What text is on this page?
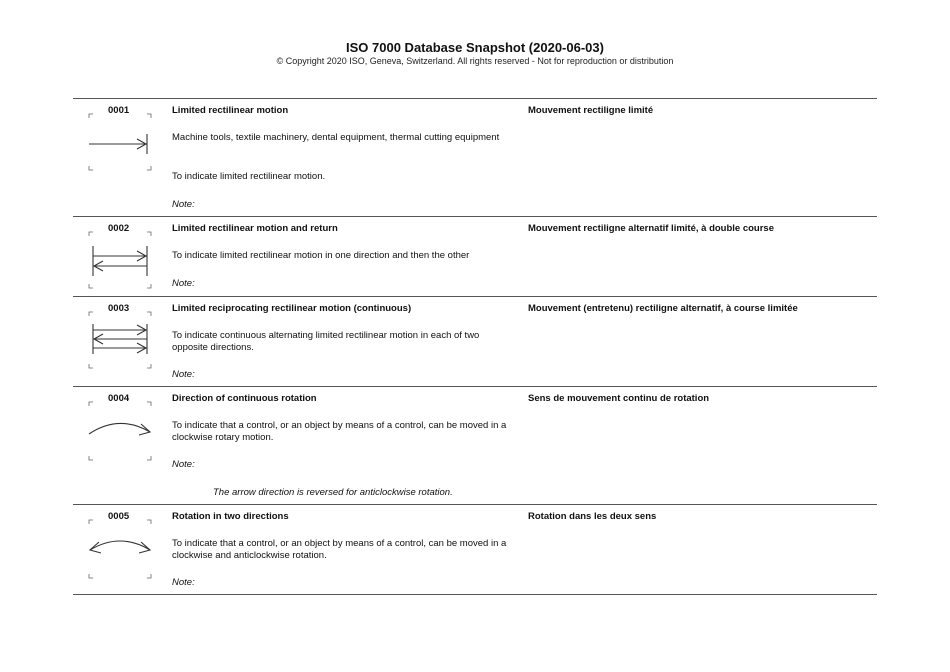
ISO 7000 Database Snapshot (2020-06-03)
© Copyright 2020 ISO, Geneva, Switzerland. All rights reserved - Not for reproduction or distribution
0001	Limited rectilinear motion	Mouvement rectiligne limité
Machine tools, textile machinery, dental equipment, thermal cutting equipment
To indicate limited rectilinear motion.
Note:
0002	Limited rectilinear motion and return	Mouvement rectiligne alternatif limité, à double course
To indicate limited rectilinear motion in one direction and then the other
Note:
0003	Limited reciprocating rectilinear motion (continuous)	Mouvement (entretenu) rectiligne alternatif, à course limitée
To indicate continuous alternating limited rectilinear motion in each of two opposite directions.
Note:
0004	Direction of continuous rotation	Sens de mouvement continu de rotation
To indicate that a control, or an object by means of a control, can be moved in a clockwise rotary motion.
Note:
The arrow direction is reversed for anticlockwise rotation.
0005	Rotation in two directions	Rotation dans les deux sens
To indicate that a control, or an object by means of a control, can be moved in a clockwise and anticlockwise rotation.
Note:
